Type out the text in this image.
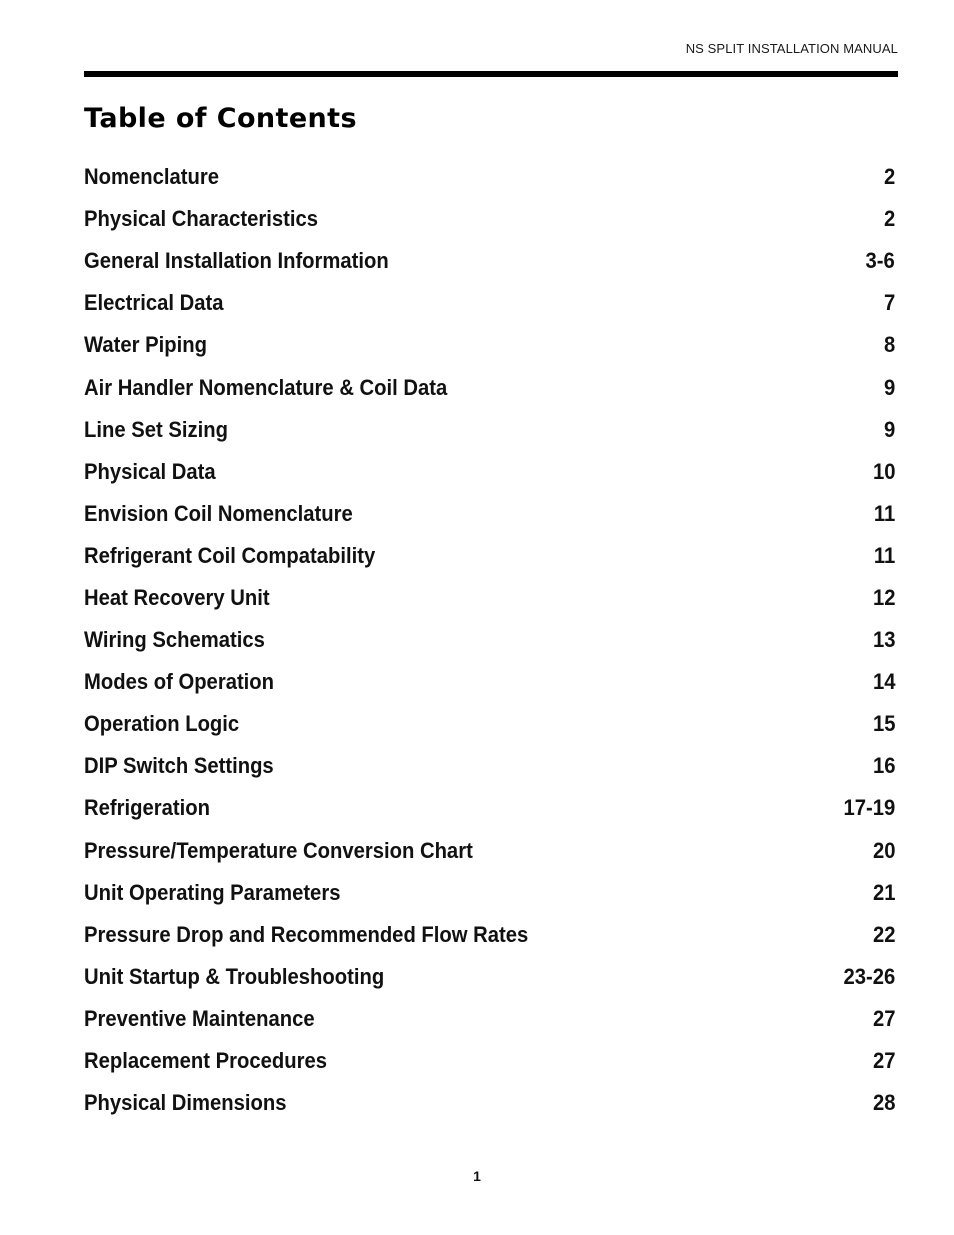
NS SPLIT INSTALLATION MANUAL
Table of Contents
Nomenclature	2
Physical Characteristics	2
General Installation Information	3-6
Electrical Data	7
Water Piping	8
Air Handler Nomenclature & Coil Data	9
Line Set Sizing	9
Physical Data	10
Envision Coil Nomenclature	11
Refrigerant Coil Compatability	11
Heat Recovery Unit	12
Wiring Schematics	13
Modes of Operation	14
Operation Logic	15
DIP Switch Settings	16
Refrigeration	17-19
Pressure/Temperature Conversion Chart	20
Unit Operating Parameters	21
Pressure Drop and Recommended Flow Rates	22
Unit Startup & Troubleshooting	23-26
Preventive Maintenance	27
Replacement Procedures	27
Physical Dimensions	28
1
